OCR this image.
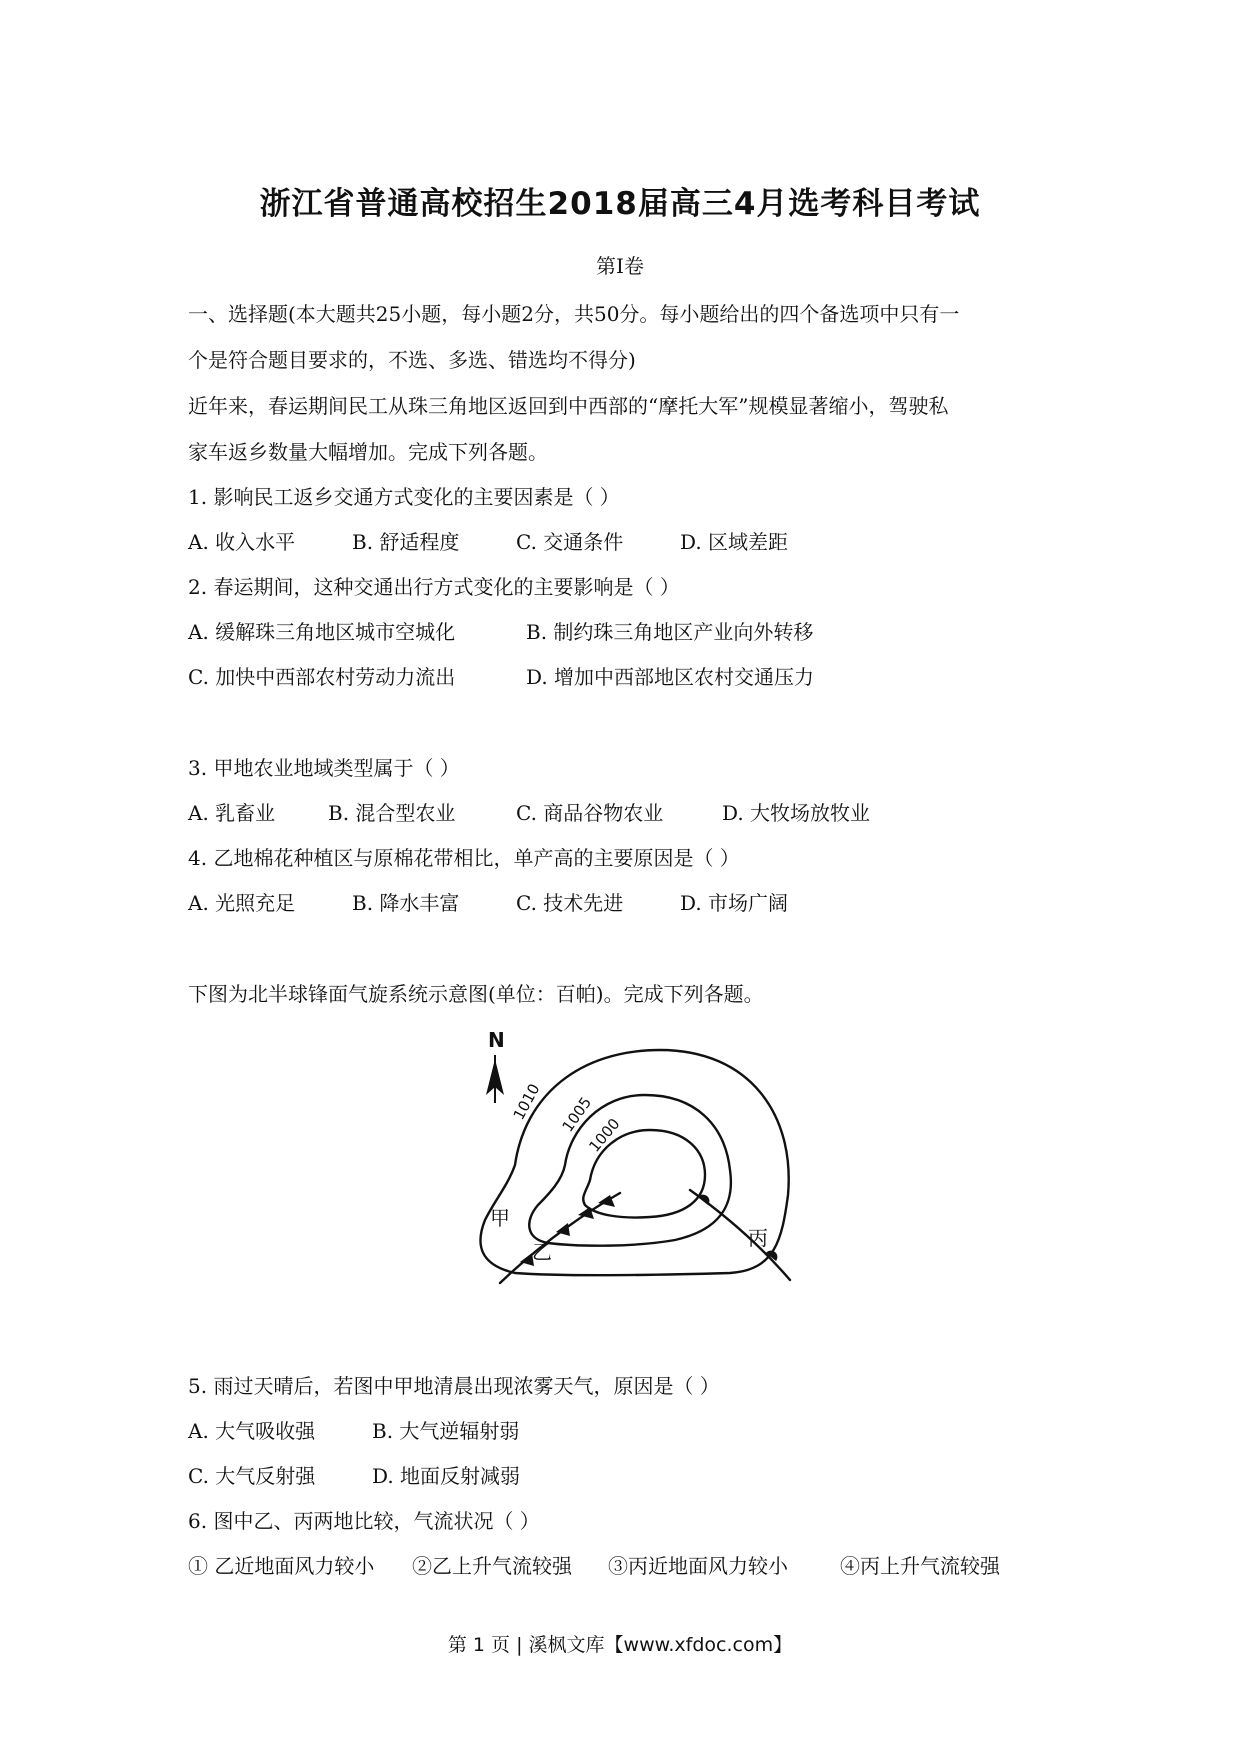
浙江省普通高校招生2018届高三4月选考科目考试
第Ⅰ卷
一、选择题(本大题共25小题，每小题2分，共50分。每小题给出的四个备选项中只有一
个是符合题目要求的，不选、多选、错选均不得分)
近年来，春运期间民工从珠三角地区返回到中西部的“摩托大军”规模显著缩小，驾驶私
家车返乡数量大幅增加。完成下列各题。
1. 影响民工返乡交通方式变化的主要因素是（ ）
A. 收入水平	B. 舒适程度	C. 交通条件	D. 区域差距
2. 春运期间，这种交通出行方式变化的主要影响是（ ）
A. 缓解珠三角地区城市空城化	B. 制约珠三角地区产业向外转移
C. 加快中西部农村劳动力流出	D. 增加中西部地区农村交通压力
3. 甲地农业地域类型属于（ ）
A. 乳畜业	B. 混合型农业	C. 商品谷物农业	D. 大牧场放牧业
4. 乙地棉花种植区与原棉花带相比，单产高的主要原因是（ ）
A. 光照充足	B. 降水丰富	C. 技术先进	D. 市场广阔
下图为北半球锋面气旋系统示意图(单位：百帕)。完成下列各题。
N
1010 1005
1000
甲
乙
丙
5. 雨过天晴后，若图中甲地清晨出现浓雾天气，原因是（ ）
A. 大气吸收强	B. 大气逆辐射弱
C. 大气反射强	D. 地面反射减弱
6. 图中乙、丙两地比较，气流状况（ ）
① 乙近地面风力较小 ②乙上升气流较强 ③丙近地面风力较小	④丙上升气流较强
第 1 页 | 溪枫文库【www.xfdoc.com】
